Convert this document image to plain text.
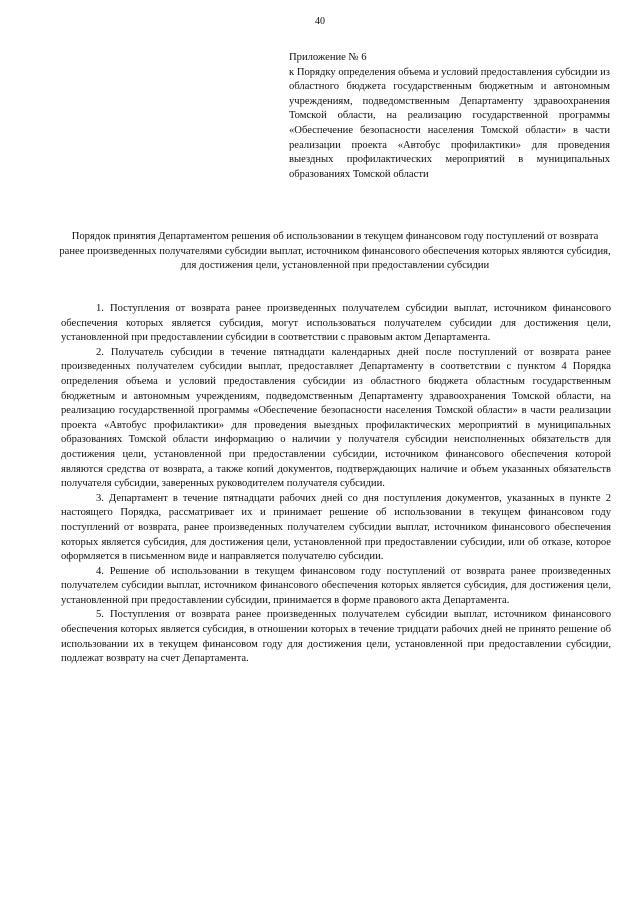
40

Приложение № 6

к Порядку определения объема и условий предоставления субсидии из областного бюджета государственным бюджетным и автономным учреждениям, подведомственным Департаменту здравоохранения Томской области, на реализацию государственной программы «Обеспечение безопасности населения Томской области» в части реализации проекта «Автобус профилактики» для проведения выездных профилактических мероприятий в муниципальных образованиях Томской области

Порядок принятия Департаментом решения об использовании в текущем финансовом году поступлений от возврата ранее произведенных получателями субсидии выплат, источником финансового обеспечения которых являются субсидия, для достижения цели, установленной при предоставлении субсидии

1. Поступления от возврата ранее произведенных получателем субсидии выплат, источником финансового обеспечения которых является субсидия, могут использоваться получателем субсидии для достижения цели, установленной при предоставлении субсидии в соответствии с правовым актом Департамента.

2. Получатель субсидии в течение пятнадцати календарных дней после поступлений от возврата ранее произведенных получателем субсидии выплат, предоставляет Департаменту в соответствии с пунктом 4 Порядка определения объема и условий предоставления субсидии из областного бюджета областным государственным бюджетным и автономным учреждениям, подведомственным Департаменту здравоохранения Томской области, на реализацию государственной программы «Обеспечение безопасности населения Томской области» в части реализации проекта «Автобус профилактики» для проведения выездных профилактических мероприятий в муниципальных образованиях Томской области информацию о наличии у получателя субсидии неисполненных обязательств для достижения цели, установленной при предоставлении субсидии, источником финансового обеспечения которой являются средства от возврата, а также копий документов, подтверждающих наличие и объем указанных обязательств получателя субсидии, заверенных руководителем получателя субсидии.

3. Департамент в течение пятнадцати рабочих дней со дня поступления документов, указанных в пункте 2 настоящего Порядка, рассматривает их и принимает решение об использовании в текущем финансовом году поступлений от возврата, ранее произведенных получателем субсидии выплат, источником финансового обеспечения которых является субсидия, для достижения цели, установленной при предоставлении субсидии, или об отказе, которое оформляется в письменном виде и направляется получателю субсидии.

4. Решение об использовании в текущем финансовом году поступлений от возврата ранее произведенных получателем субсидии выплат, источником финансового обеспечения которых является субсидия, для достижения цели, установленной при предоставлении субсидии, принимается в форме правового акта Департамента.

5. Поступления от возврата ранее произведенных получателем субсидии выплат, источником финансового обеспечения которых является субсидия, в отношении которых в течение тридцати рабочих дней не принято решение об использовании их в текущем финансовом году для достижения цели, установленной при предоставлении субсидии, подлежат возврату на счет Департамента.
